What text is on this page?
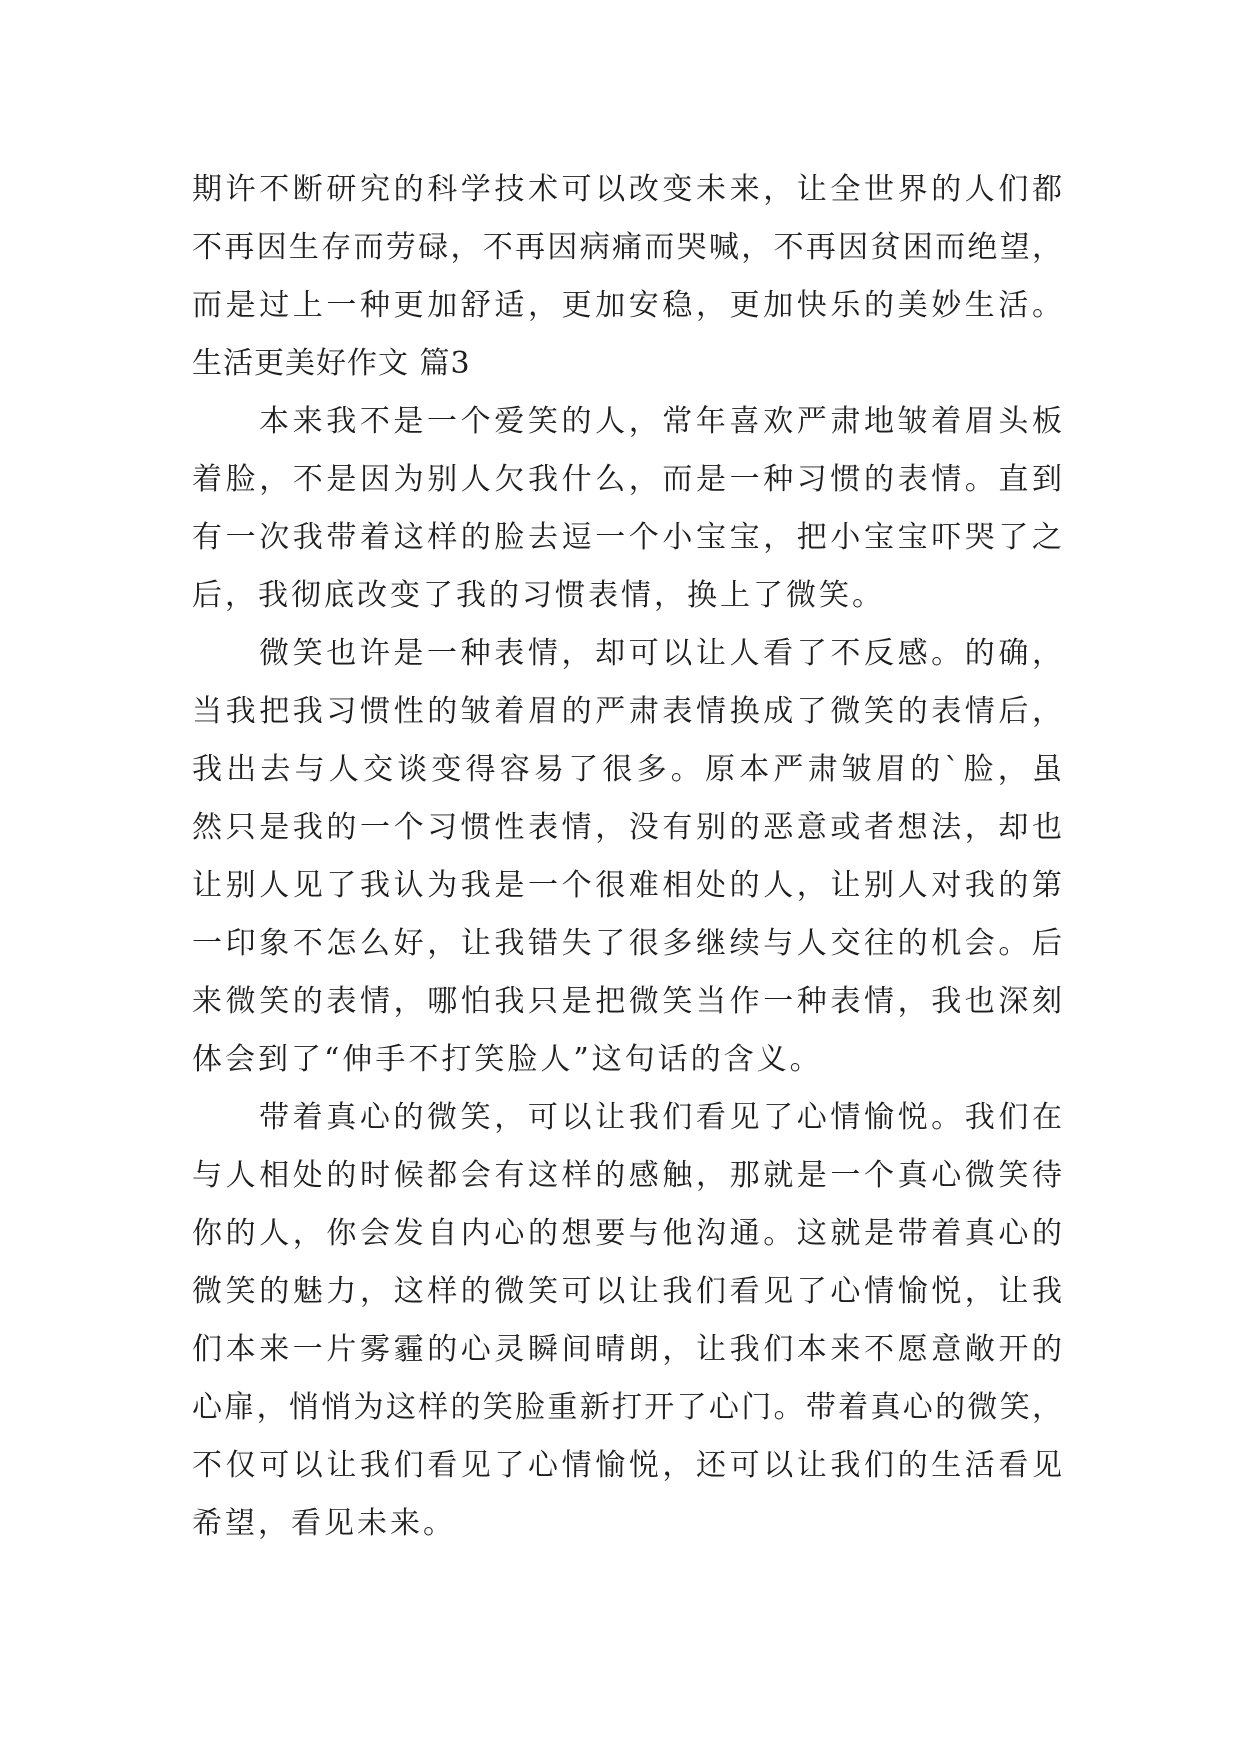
期许不断研究的科学技术可以改变未来，让全世界的人们都
不再因生存而劳碌，不再因病痛而哭喊，不再因贫困而绝望，
而是过上一种更加舒适，更加安稳，更加快乐的美妙生活。
生活更美好作文 篇3
本来我不是一个爱笑的人，常年喜欢严肃地皱着眉头板
着脸，不是因为别人欠我什么，而是一种习惯的表情。直到
有一次我带着这样的脸去逗一个小宝宝，把小宝宝吓哭了之
后，我彻底改变了我的习惯表情，换上了微笑。
微笑也许是一种表情，却可以让人看了不反感。的确，
当我把我习惯性的皱着眉的严肃表情换成了微笑的表情后，
我出去与人交谈变得容易了很多。原本严肃皱眉的`脸，虽
然只是我的一个习惯性表情，没有别的恶意或者想法，却也
让别人见了我认为我是一个很难相处的人，让别人对我的第
一印象不怎么好，让我错失了很多继续与人交往的机会。后
来微笑的表情，哪怕我只是把微笑当作一种表情，我也深刻
体会到了“伸手不打笑脸人”这句话的含义。
带着真心的微笑，可以让我们看见了心情愉悦。我们在
与人相处的时候都会有这样的感触，那就是一个真心微笑待
你的人，你会发自内心的想要与他沟通。这就是带着真心的
微笑的魅力，这样的微笑可以让我们看见了心情愉悦，让我
们本来一片雾霾的心灵瞬间晴朗，让我们本来不愿意敞开的
心扉，悄悄为这样的笑脸重新打开了心门。带着真心的微笑，
不仅可以让我们看见了心情愉悦，还可以让我们的生活看见
希望，看见未来。
